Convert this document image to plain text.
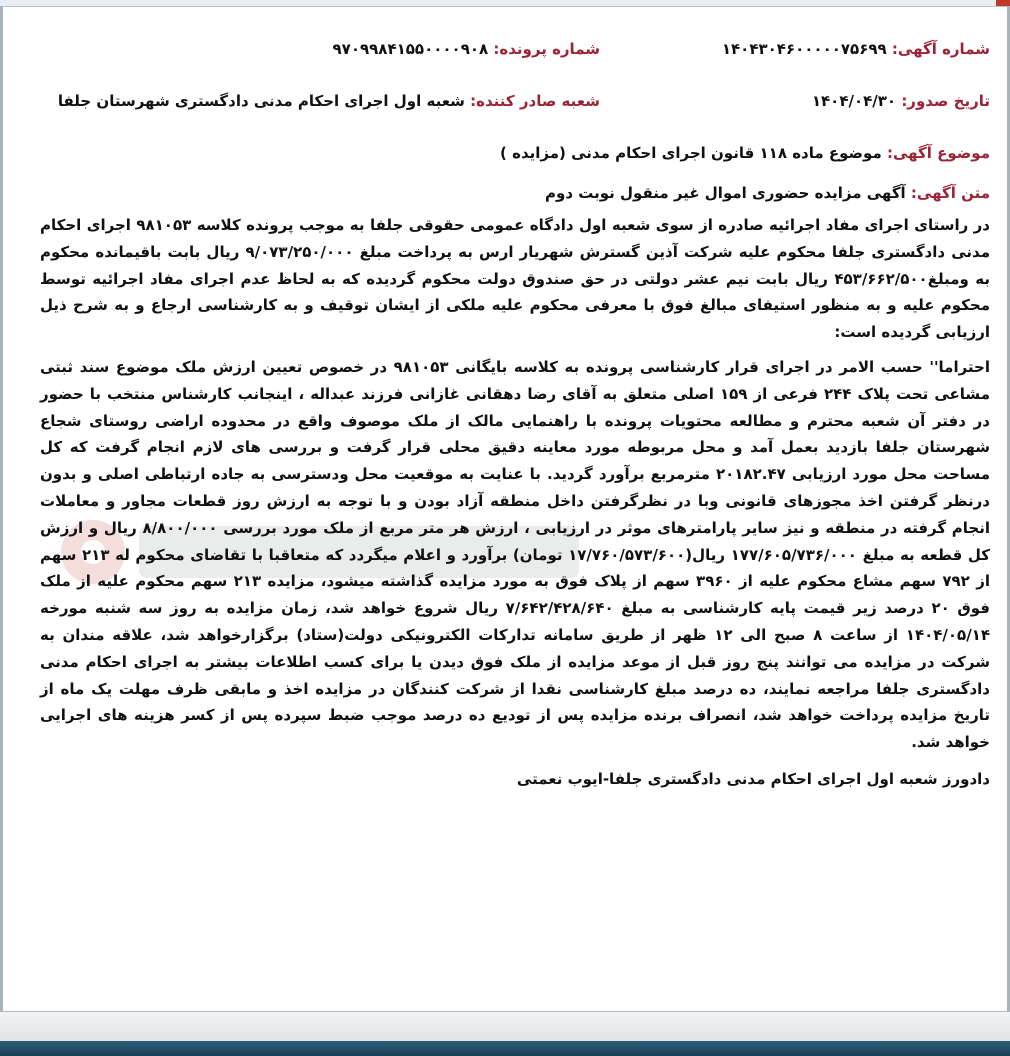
شماره آگهی: ۱۴۰۴۳۰۴۶۰۰۰۰۰۷۵۶۹۹
شماره پرونده: ۹۷۰۹۹۸۴۱۵۵۰۰۰۰۹۰۸
تاریخ صدور: ۱۴۰۴/۰۴/۳۰
شعبه صادر کننده: شعبه اول اجرای احکام مدنی دادگستری شهرستان جلفا
موضوع آگهی: موضوع ماده ۱۱۸ قانون اجرای احکام مدنی (مزایده )
متن آگهی: آگهی مزایده حضوری اموال غیر منقول نوبت دوم

در راستای اجرای مفاد اجرائیه صادره از سوی شعبه اول دادگاه عمومی حقوقی جلفا به موجب پرونده کلاسه ۹۸۱۰۵۳ اجرای احکام مدنی دادگستری جلفا محکوم علیه شرکت آذین گسترش شهریار ارس به پرداخت مبلغ ۹/۰۷۳/۲۵۰/۰۰۰ ریال بابت باقیمانده محکوم به ومبلغ۴۵۳/۶۶۲/۵۰۰ ریال بابت نیم عشر دولتی در حق صندوق دولت محکوم گردیده که به لحاظ عدم اجرای مفاد اجرائیه توسط محکوم علیه و به منظور استیفای مبالغ فوق با معرفی محکوم علیه ملکی از ایشان توقیف و به کارشناسی ارجاع و به شرح ذیل ارزیابی گردیده است:

احتراما'' حسب الامر در اجرای قرار کارشناسی پرونده به کلاسه بایگانی ۹۸۱۰۵۳ در خصوص تعیین ارزش ملک موضوع سند ثبتی مشاعی تحت پلاک ۲۴۴ فرعی از ۱۵۹ اصلی متعلق به آقای رضا دهقانی غازانی فرزند عبداله ، اینجانب کارشناس منتخب با حضور در دفتر آن شعبه محترم و مطالعه محتویات پرونده با راهنمایی مالک از ملک موصوف واقع در محدوده اراضی روستای شجاع شهرستان جلفا بازدید بعمل آمد و محل مربوطه مورد معاینه دقیق محلی قرار گرفت و بررسی های لازم انجام گرفت که کل مساحت محل مورد ارزیابی ۲۰۱۸۲.۴۷ مترمربع برآورد گردید. با عنایت به موقعیت محل ودسترسی به جاده ارتباطی اصلی و بدون درنظر گرفتن اخذ مجوزهای قانونی وبا در نظرگرفتن داخل منطقه آزاد بودن و با توجه به ارزش روز قطعات مجاور و معاملات انجام گرفته در منطقه و نیز سایر پارامترهای موثر در ارزیابی ، ارزش هر متر مربع از ملک مورد بررسی ۸/۸۰۰/۰۰۰ ریال و ارزش کل قطعه به مبلغ ۱۷۷/۶۰۵/۷۳۶/۰۰۰ ریال(۱۷/۷۶۰/۵۷۳/۶۰۰ تومان) برآورد و اعلام میگردد که متعاقبا با تقاضای محکوم له ۲۱۳ سهم از ۷۹۲ سهم مشاع محکوم علیه از ۳۹۶۰ سهم از پلاک فوق به مورد مزایده گذاشته میشود، مزایده ۲۱۳ سهم محکوم علیه از ملک فوق ۲۰ درصد زیر قیمت پایه کارشناسی به مبلغ ۷/۶۴۲/۴۲۸/۶۴۰ ریال شروع خواهد شد، زمان مزایده به روز سه شنبه مورخه ۱۴۰۴/۰۵/۱۴ از ساعت ۸ صبح الی ۱۲ ظهر از طریق سامانه تدارکات الکترونیکی دولت(ستاد) برگزارخواهد شد، علاقه مندان به شرکت در مزایده می توانند پنج روز قبل از موعد مزایده از ملک فوق دیدن یا برای کسب اطلاعات بیشتر به اجرای احکام مدنی دادگستری جلفا مراجعه نمایند، ده درصد مبلغ کارشناسی نقدا از شرکت کنندگان در مزایده اخذ و مابقی ظرف مهلت یک ماه از تاریخ مزایده پرداخت خواهد شد، انصراف برنده مزایده پس از تودیع ده درصد موجب ضبط سپرده پس از کسر هزینه های اجرایی خواهد شد.

دادورز شعبه اول اجرای احکام مدنی دادگستری جلفا-ایوب نعمتی
